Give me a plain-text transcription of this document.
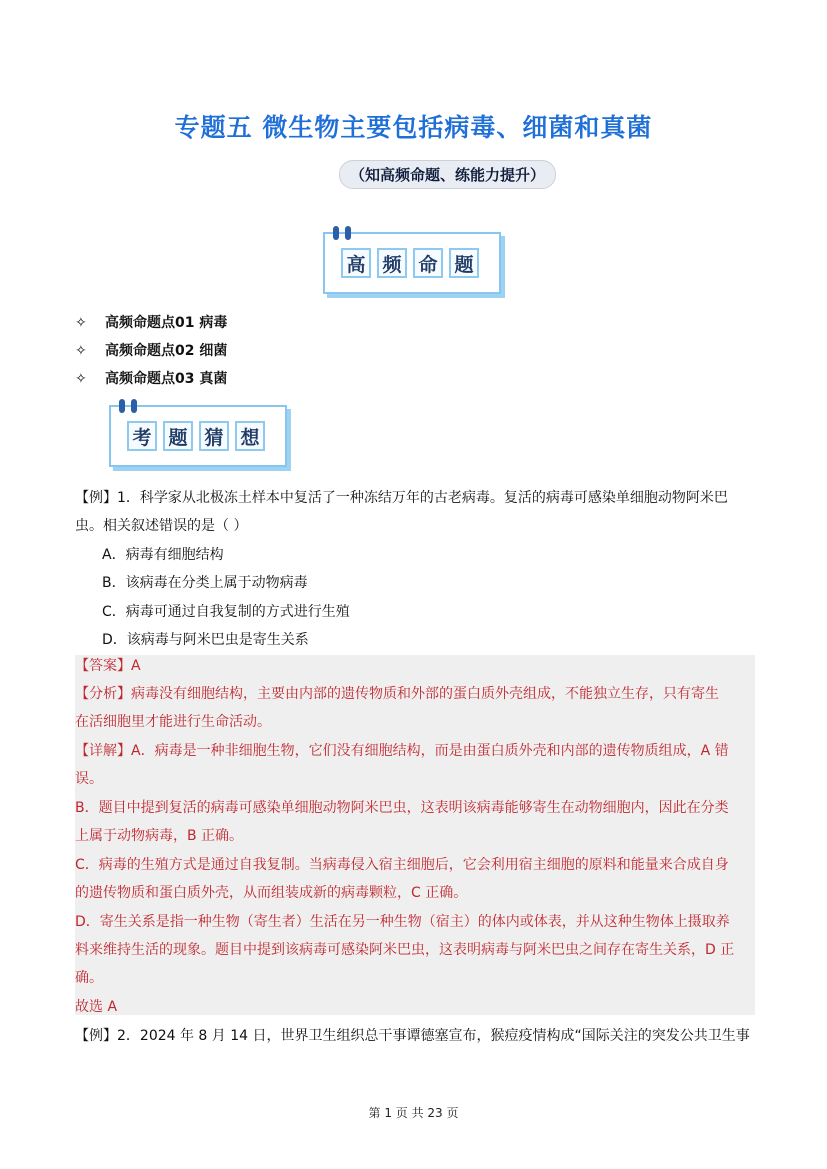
专题五 微生物主要包括病毒、细菌和真菌
（知高频命题、练能力提升）
高 频 命 题
✧ 高频命题点01 病毒
✧ 高频命题点02 细菌
✧ 高频命题点03 真菌
考 题 猜 想
【例】1．科学家从北极冻土样本中复活了一种冻结万年的古老病毒。复活的病毒可感染单细胞动物阿米巴
虫。相关叙述错误的是（ ）
A．病毒有细胞结构
B．该病毒在分类上属于动物病毒
C．病毒可通过自我复制的方式进行生殖
D．该病毒与阿米巴虫是寄生关系
【答案】A
【分析】病毒没有细胞结构，主要由内部的遗传物质和外部的蛋白质外壳组成，不能独立生存，只有寄生
在活细胞里才能进行生命活动。
【详解】A．病毒是一种非细胞生物，它们没有细胞结构，而是由蛋白质外壳和内部的遗传物质组成，A 错
误。
B．题目中提到复活的病毒可感染单细胞动物阿米巴虫，这表明该病毒能够寄生在动物细胞内，因此在分类
上属于动物病毒，B 正确。
C．病毒的生殖方式是通过自我复制。当病毒侵入宿主细胞后，它会利用宿主细胞的原料和能量来合成自身
的遗传物质和蛋白质外壳，从而组装成新的病毒颗粒，C 正确。
D．寄生关系是指一种生物（寄生者）生活在另一种生物（宿主）的体内或体表，并从这种生物体上摄取养
料来维持生活的现象。题目中提到该病毒可感染阿米巴虫，这表明病毒与阿米巴虫之间存在寄生关系，D 正
确。
故选 A
【例】2．2024 年 8 月 14 日，世界卫生组织总干事谭德塞宣布，猴痘疫情构成“国际关注的突发公共卫生事
第 1 页 共 23 页
